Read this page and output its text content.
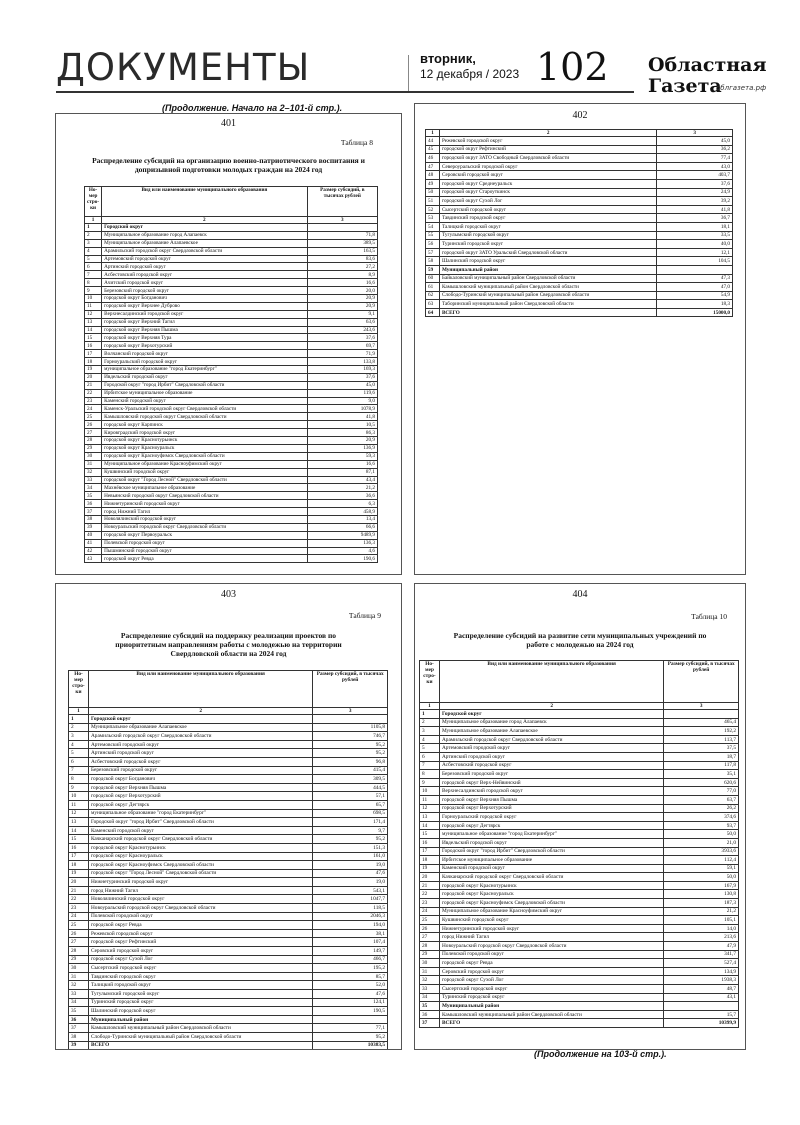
ДОКУМЕНТЫ	вторник,
12 декабря / 2023 102 Областная
Газета
облгазета.рф
(Продолжение. Начало на 2–101-й стр.).
401
Таблица 8
Распределение субсидий на организацию военно-патриотического воспитания и допризывной подготовки молодых граждан на 2024 год
Но-мер стро-ки	Вид или наименование муниципального образования	Размер субсидий, в тысячах рублей
1	2	3
1	Городской округ	
2	Муниципальное образование город Алапаевск	71,8
3	Муниципальное образование Алапаевское	389,5
4	Арамильский городской округ Свердловской области	163,5
5	Артемовский городской округ	83,6
6	Артинский городской округ	27,2
7	Асбестовский городской округ	8,9
8	Ачитский городской округ	16,6
9	Березовский городской округ	20,0
10	городской округ Богданович	20,9
11	городской округ Верхнее Дуброво	20,9
12	Верхнесалдинский городской округ	9,1
13	городской округ Верхний Тагил	63,6
14	городской округ Верхняя Пышма	243,6
15	городской округ Верхняя Тура	37,6
16	городской округ Верхотурский	69,7
17	Волчанский городской округ	71,9
18	Горноуральский городской округ	133,8
19	муниципальное образование "город Екатеринбург"	169,3
20	Ивдельский городской округ	37,6
21	Городской округ "город Ирбит" Свердловской области	45,0
22	Ирбитское муниципальное образование	119,6
23	Каменский городской округ	9,0
24	Каменск-Уральский городской округ Свердловской области	1078,9
25	Камышловский городской округ Свердловской области	41,8
26	городской округ Карпинск	10,5
27	Кировградский городской округ	86,3
28	городской округ Краснотурьинск	20,9
29	городской округ Красноуральск	136,9
30	городской округ Красноуфимск Свердловской области	59,3
31	Муниципальное образование Красноуфимский округ	16,6
32	Кушвинский городской округ	87,1
33	городской округ "Город Лесной" Свердловской области	43,4
34	Махнёвское муниципальное образование	21,2
35	Невьянский городской округ Свердловской области	36,6
36	Нижнетуринский городской округ	6,3
37	город Нижний Тагил	458,9
38	Новолялинский городской округ	13,4
39	Новоуральский городской округ Свердловской области	66,6
40	городской округ Первоуральск	9489,9
41	Полевской городской округ	136,3
42	Пышминский городской округ	4,6
43	городской округ Ревда	190,6
402
1	2	3
44	Режевской городской округ	45,0
45	городской округ Рефтинский	36,2
46	городской округ ЗАТО Свободный Свердловской области	77,4
47	Североуральский городской округ	43,0
48	Серовский городской округ	403,7
49	городской округ Среднеуральск	37,6
50	городской округ Староуткинск	24,9
51	городской округ Сухой Лог	39,2
52	Сысертский городской округ	41,8
53	Тавдинский городской округ	36,7
54	Талицкий городской округ	18,1
55	Тугулымский городской округ	33,5
56	Туринский городской округ	40,0
57	городской округ ЗАТО Уральский Свердловской области	12,1
58	Шалинский городской округ	104,5
59	Муниципальный район	
60	Байкаловский муниципальный район Свердловской области	47,3
61	Камышловский муниципальный район Свердловской области	47,0
62	Слободо-Туринский муниципальный район Свердловской области	54,9
63	Таборинский муниципальный район Свердловской области	18,3
64	ВСЕГО	15000,0
403
Таблица 9
Распределение субсидий на поддержку реализации проектов по приоритетным направлениям работы с молодежью на территории Свердловской области на 2024 год
Но-мер стро-ки	Вид или наименование муниципального образования	Размер субсидий, в тысячах рублей
1	2	3
1	Городской округ	
2	Муниципальное образование Алапаевское	1105,8
3	Арамильский городской округ Свердловской области	746,7
4	Артемовский городской округ	95,2
5	Артинский городской округ	95,2
6	Асбестовский городской округ	96,8
7	Березовский городской округ	415,4
8	городской округ Богданович	309,5
9	городской округ Верхняя Пышма	444,5
10	городской округ Верхотурский	57,1
11	городской округ Дегтярск	65,7
12	муниципальное образование "город Екатеринбург"	698,5
13	Городской округ "город Ирбит" Свердловской области	171,4
14	Каменский городской округ	9,7
15	Качканарский городской округ Свердловской области	95,2
16	городской округ Краснотурьинск	151,3
17	городской округ Красноуральск	161,0
18	городской округ Красноуфимск Свердловской области	19,0
19	городской округ "Город Лесной" Свердловской области	47,6
20	Нижнетуринский городской округ	19,0
21	город Нижний Тагил	543,1
22	Новолялинский городской округ	1047,7
23	Новоуральский городской округ Свердловской области	118,5
24	Полевской городской округ	2046,3
25	городской округ Ревда	194,0
26	Режевской городской округ	38,1
27	городской округ Рефтинский	107,4
28	Серовский городской округ	149,7
29	городской округ Сухой Лог	466,7
30	Сысертский городской округ	195,2
31	Тавдинский городской округ	85,7
32	Талицкий городской округ	52,0
33	Тугулымский городской округ	47,6
34	Туринский городской округ	124,1
35	Шалинский городской округ	190,5
36	Муниципальный район	
37	Камышловский муниципальный район Свердловской области	77,1
38	Слободо-Туринский муниципальный район Свердловской области	95,2
39	ВСЕГО	10383,5
404
Таблица 10
Распределение субсидий на развитие сети муниципальных учреждений по работе с молодежью на 2024 год
Но-мер стро-ки	Вид или наименование муниципального образования	Размер субсидий, в тысячах рублей
1	2	3
1	Городской округ	
2	Муниципальное образование город Алапаевск	465,4
3	Муниципальное образование Алапаевское	192,2
4	Арамильский городской округ Свердловской области	113,7
5	Артемовский городской округ	37,5
6	Артинский городской округ	18,7
7	Асбестовский городской округ	117,8
8	Березовский городской округ	35,1
9	городской округ Верх-Нейвинский	620,6
10	Верхнесалдинский городской округ	77,0
11	городской округ Верхняя Пышма	63,7
12	городской округ Верхотурский	26,2
13	Горноуральский городской округ	374,6
14	городской округ Дегтярск	93,7
15	муниципальное образование "город Екатеринбург"	50,0
16	Ивдельский городской округ	21,0
17	Городской округ "город Ирбит" Свердловской области	3933,6
18	Ирбитское муниципальное образование	112,4
19	Каменский городской округ	59,1
20	Качканарский городской округ Свердловской области	50,0
21	городской округ Краснотурьинск	167,9
22	городской округ Красноуральск	130,8
23	городской округ Красноуфимск Свердловской области	187,3
24	Муниципальное образование Красноуфимский округ	21,2
25	Кушвинский городской округ	105,1
26	Нижнетуринский городской округ	14,0
27	город Нижний Тагил	213,6
28	Новоуральский городской округ Свердловской области	47,9
29	Полевской городской округ	341,7
30	городской округ Ревда	527,4
31	Серовский городской округ	134,9
32	городской округ Сухой Лог	1938,3
33	Сысертский городской округ	48,7
34	Туринский городской округ	43,1
35	Муниципальный район	
36	Камышловский муниципальный район Свердловской области	15,7
37	ВСЕГО	10399,9
(Продолжение на 103-й стр.).
